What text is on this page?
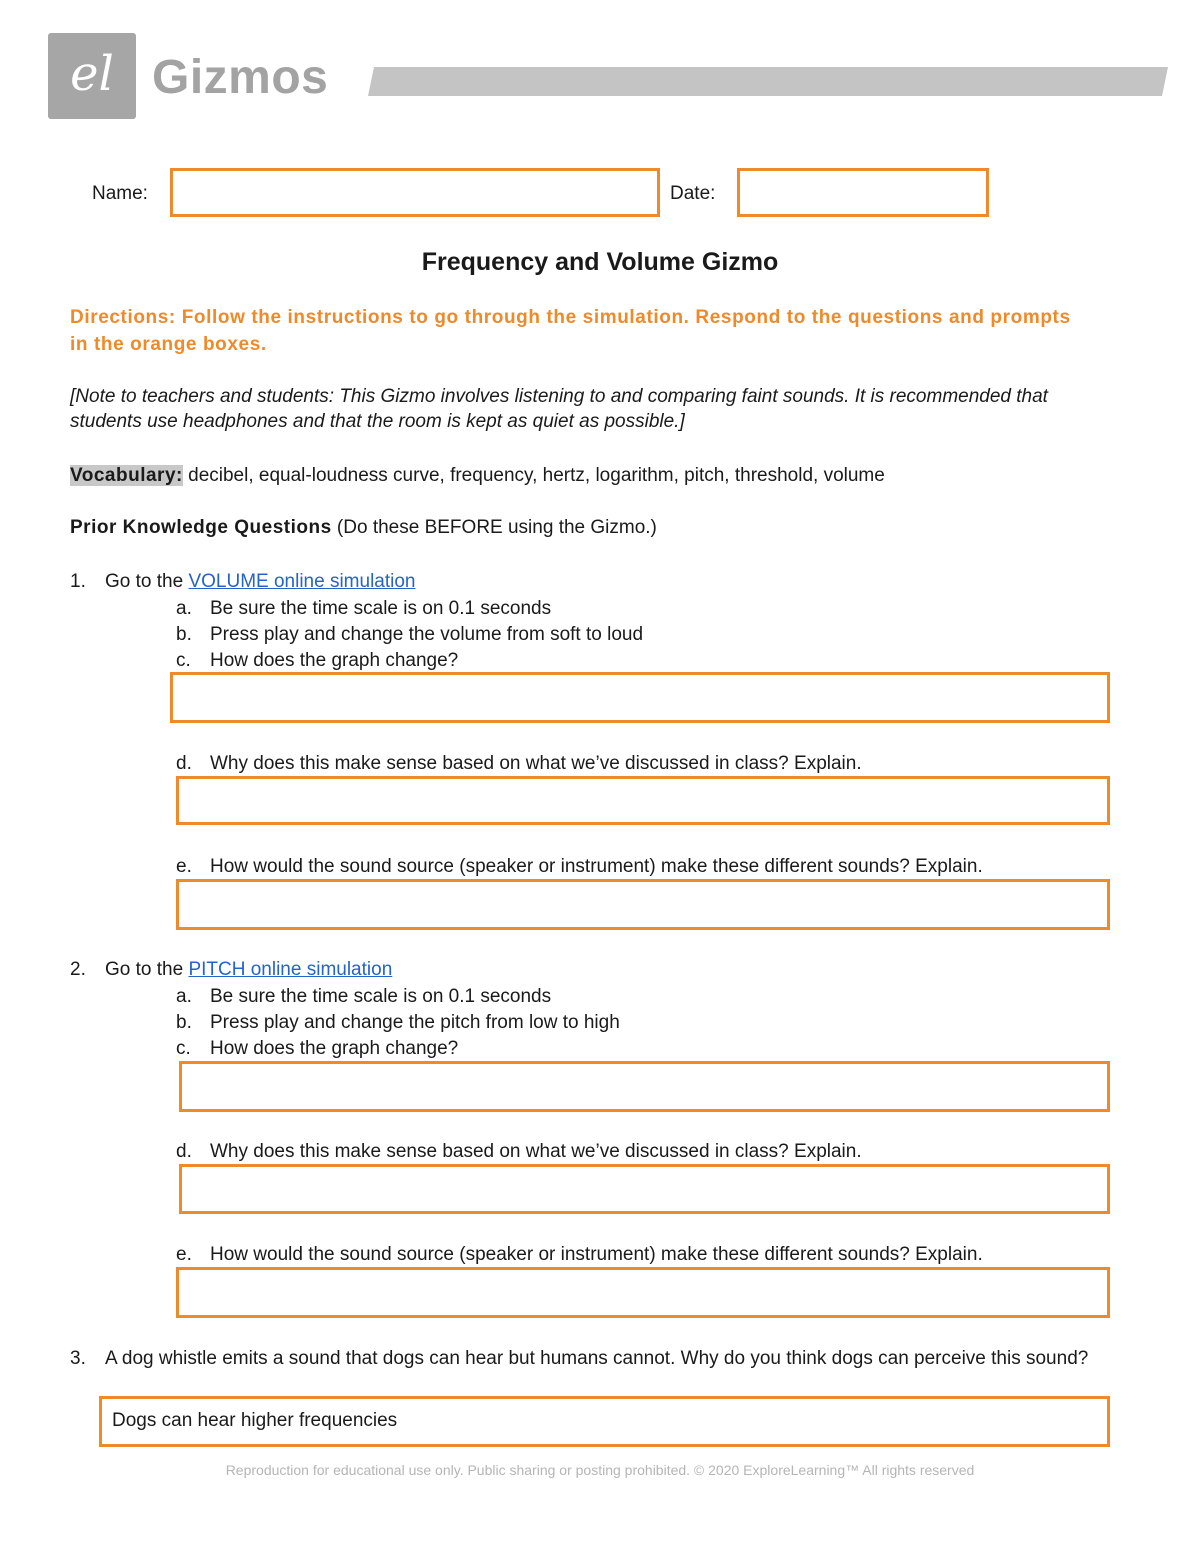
el Gizmos
Name:	Date:
Frequency and Volume Gizmo
Directions: Follow the instructions to go through the simulation. Respond to the questions and prompts in the orange boxes.
[Note to teachers and students: This Gizmo involves listening to and comparing faint sounds. It is recommended that students use headphones and that the room is kept as quiet as possible.]
Vocabulary: decibel, equal-loudness curve, frequency, hertz, logarithm, pitch, threshold, volume
Prior Knowledge Questions (Do these BEFORE using the Gizmo.)
1. Go to the VOLUME online simulation
a. Be sure the time scale is on 0.1 seconds
b. Press play and change the volume from soft to loud
c. How does the graph change?
d. Why does this make sense based on what we’ve discussed in class? Explain.
e. How would the sound source (speaker or instrument) make these different sounds? Explain.
2. Go to the PITCH online simulation
a. Be sure the time scale is on 0.1 seconds
b. Press play and change the pitch from low to high
c. How does the graph change?
d. Why does this make sense based on what we’ve discussed in class? Explain.
e. How would the sound source (speaker or instrument) make these different sounds? Explain.
3. A dog whistle emits a sound that dogs can hear but humans cannot. Why do you think dogs can perceive this sound?
Dogs can hear higher frequencies
Reproduction for educational use only. Public sharing or posting prohibited. © 2020 ExploreLearning™ All rights reserved
